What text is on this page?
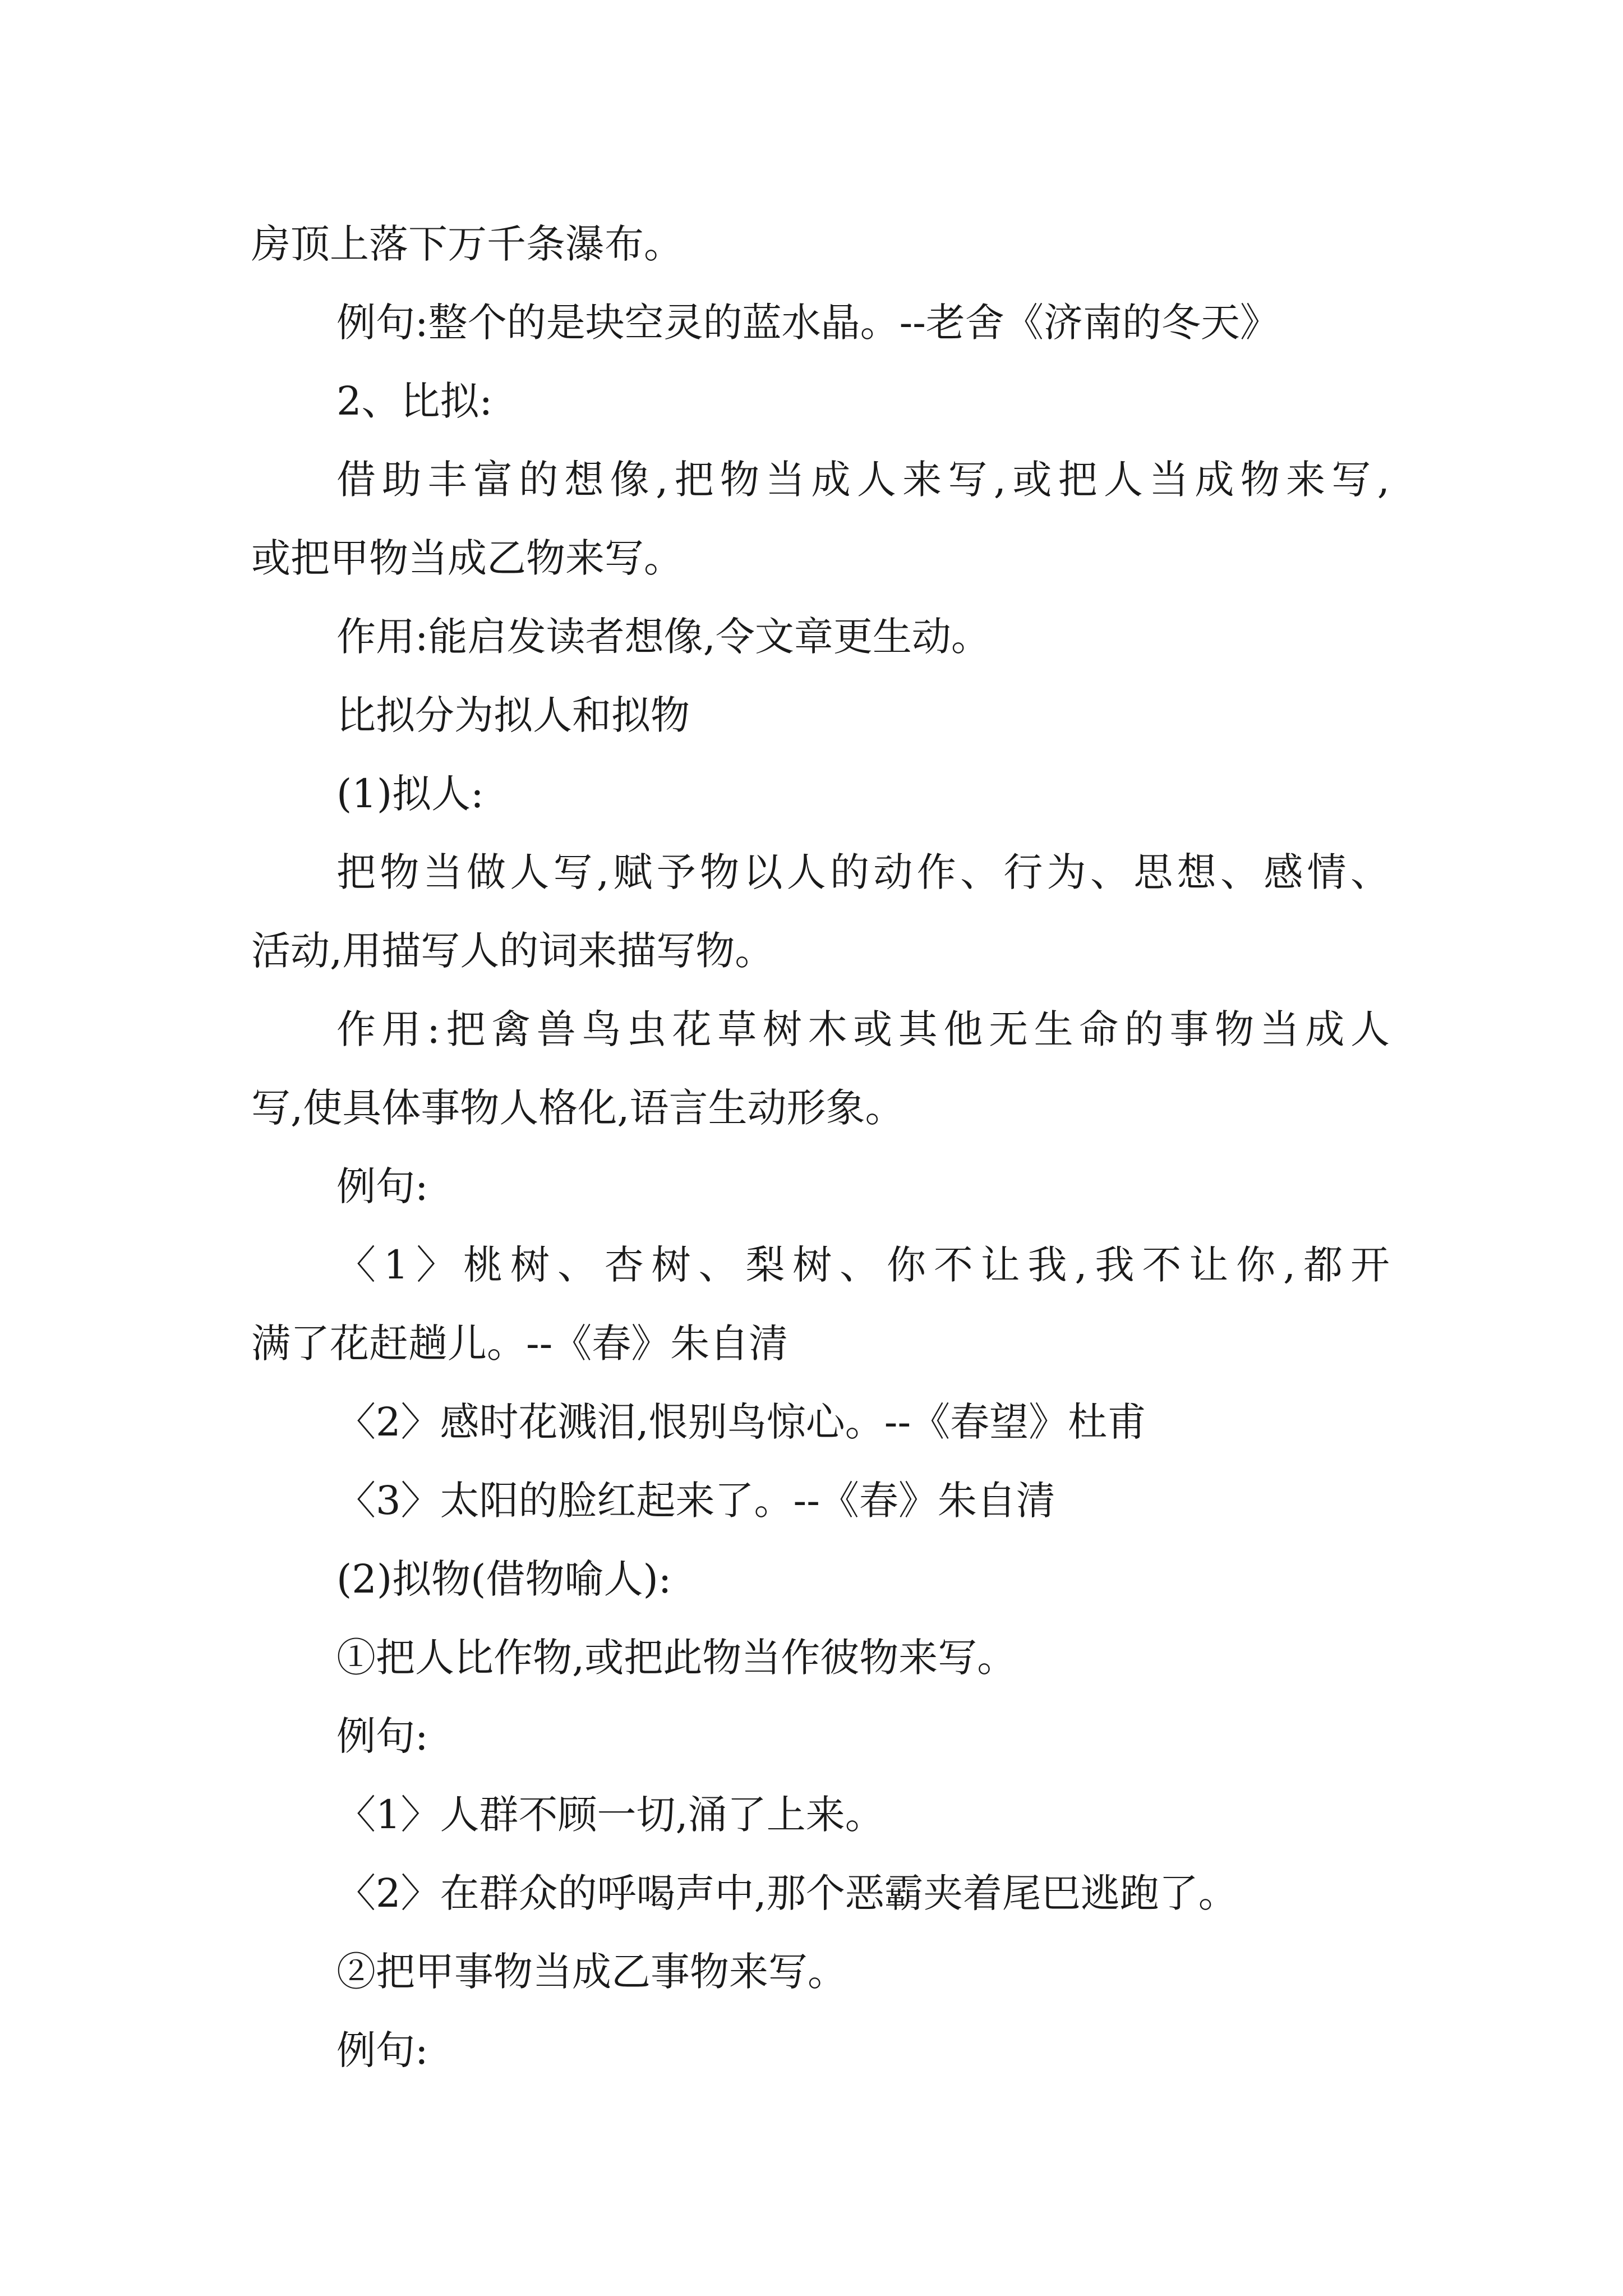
房顶上落下万千条瀑布。
例句:整个的是块空灵的蓝水晶。--老舍《济南的冬天》
2、比拟:
借助丰富的想像,把物当成人来写,或把人当成物来写,
或把甲物当成乙物来写。
作用:能启发读者想像,令文章更生动。
比拟分为拟人和拟物
(1)拟人:
把物当做人写,赋予物以人的动作、行为、思想、感情、
活动,用描写人的词来描写物。
作用:把禽兽鸟虫花草树木或其他无生命的事物当成人
写,使具体事物人格化,语言生动形象。
例句:
〈1〉桃树、杏树、梨树、你不让我,我不让你,都开
满了花赶趟儿。--《春》朱自清
〈2〉感时花溅泪,恨别鸟惊心。--《春望》杜甫
〈3〉太阳的脸红起来了。--《春》朱自清
(2)拟物(借物喻人):
①把人比作物,或把此物当作彼物来写。
例句:
〈1〉人群不顾一切,涌了上来。
〈2〉在群众的呼喝声中,那个恶霸夹着尾巴逃跑了。
②把甲事物当成乙事物来写。
例句:
